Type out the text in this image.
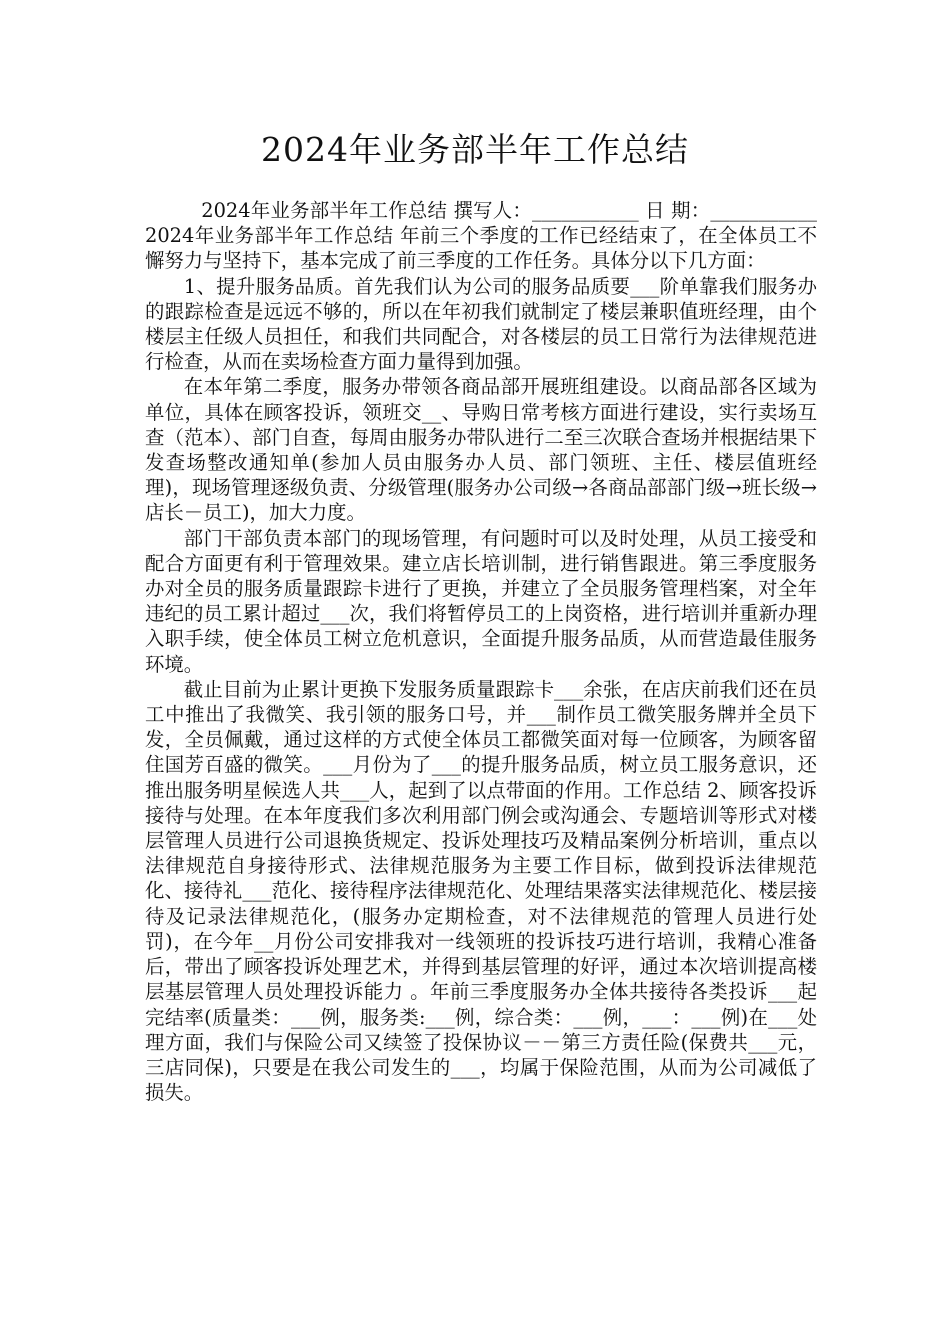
2024年业务部半年工作总结

2024年业务部半年工作总结 撰写人：___________ 日 期：___________ 2024年业务部半年工作总结 年前三个季度的工作已经结束了，在全体员工不懈努力与坚持下，基本完成了前三季度的工作任务。具体分以下几方面：

1、提升服务品质。首先我们认为公司的服务品质要___阶单靠我们服务办的跟踪检查是远远不够的，所以在年初我们就制定了楼层兼职值班经理，由个楼层主任级人员担任，和我们共同配合，对各楼层的员工日常行为法律规范进行检查，从而在卖场检查方面力量得到加强。

在本年第二季度，服务办带领各商品部开展班组建设。以商品部各区域为单位，具体在顾客投诉，领班交__、导购日常考核方面进行建设，实行卖场互查（范本）、部门自查，每周由服务办带队进行二至三次联合查场并根据结果下发查场整改通知单(参加人员由服务办人员、部门领班、主任、楼层值班经理)，现场管理逐级负责、分级管理(服务办公司级→各商品部部门级→班长级→店长－员工)，加大力度。

部门干部负责本部门的现场管理，有问题时可以及时处理，从员工接受和配合方面更有利于管理效果。建立店长培训制，进行销售跟进。第三季度服务办对全员的服务质量跟踪卡进行了更换，并建立了全员服务管理档案，对全年违纪的员工累计超过___次，我们将暂停员工的上岗资格，进行培训并重新办理入职手续，使全体员工树立危机意识，全面提升服务品质，从而营造最佳服务环境。

截止目前为止累计更换下发服务质量跟踪卡___余张，在店庆前我们还在员工中推出了我微笑、我引领的服务口号，并___制作员工微笑服务牌并全员下发，全员佩戴，通过这样的方式使全体员工都微笑面对每一位顾客，为顾客留住国芳百盛的微笑。___月份为了___的提升服务品质，树立员工服务意识，还推出服务明星候选人共___人，起到了以点带面的作用。工作总结 2、顾客投诉接待与处理。在本年度我们多次利用部门例会或沟通会、专题培训等形式对楼层管理人员进行公司退换货规定、投诉处理技巧及精品案例分析培训，重点以法律规范自身接待形式、法律规范服务为主要工作目标，做到投诉法律规范化、接待礼___范化、接待程序法律规范化、处理结果落实法律规范化、楼层接待及记录法律规范化，(服务办定期检查，对不法律规范的管理人员进行处罚)，在今年__月份公司安排我对一线领班的投诉技巧进行培训，我精心准备后，带出了顾客投诉处理艺术，并得到基层管理的好评，通过本次培训提高楼层基层管理人员处理投诉能力 。年前三季度服务办全体共接待各类投诉___起完结率(质量类：___例，服务类:___例，综合类：___例，___：___例)在___处理方面，我们与保险公司又续签了投保协议－－第三方责任险(保费共___元，三店同保)，只要是在我公司发生的___，均属于保险范围，从而为公司减低了损失。
